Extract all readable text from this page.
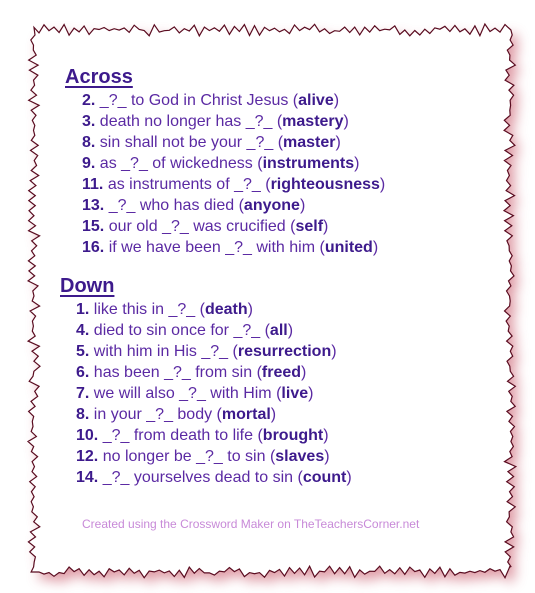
Across
2. _?_ to God in Christ Jesus (alive)
3. death no longer has _?_ (mastery)
8. sin shall not be your _?_ (master)
9. as _?_ of wickedness (instruments)
11. as instruments of _?_ (righteousness)
13. _?_ who has died (anyone)
15. our old _?_ was crucified (self)
16. if we have been _?_ with him (united)
Down
1. like this in _?_ (death)
4. died to sin once for _?_ (all)
5. with him in His _?_ (resurrection)
6. has been _?_ from sin (freed)
7. we will also _?_ with Him (live)
8. in your _?_ body (mortal)
10. _?_ from death to life (brought)
12. no longer be _?_ to sin (slaves)
14. _?_ yourselves dead to sin (count)
Created using the Crossword Maker on TheTeachersCorner.net
